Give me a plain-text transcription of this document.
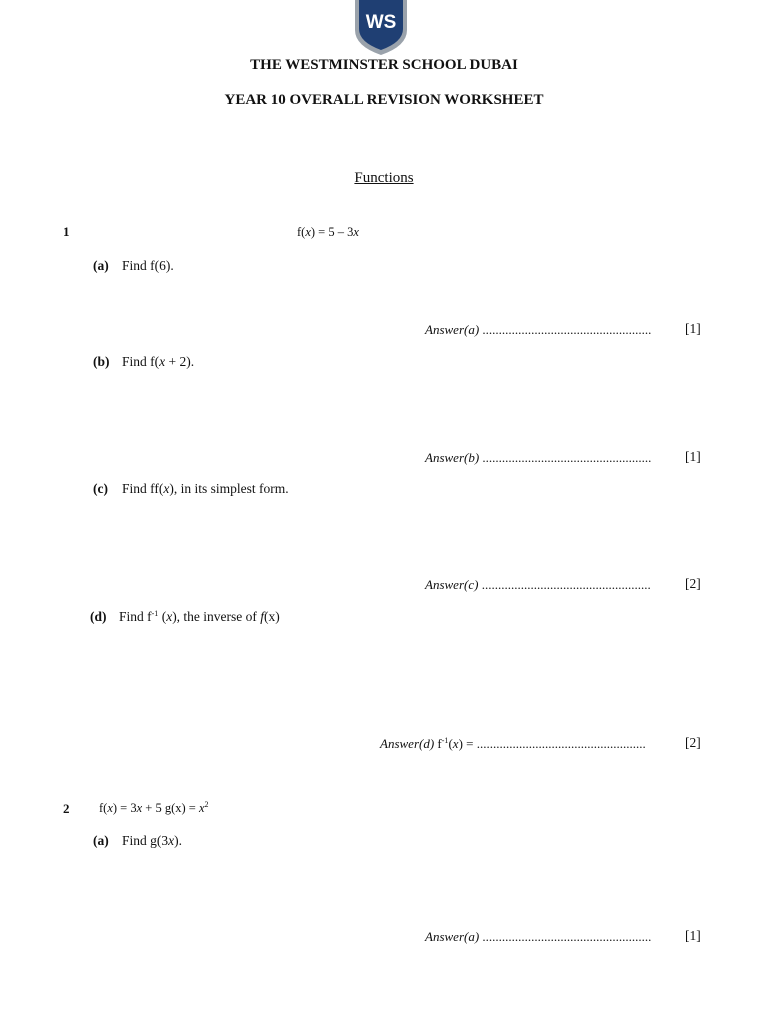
WS
THE WESTMINSTER SCHOOL DUBAI
YEAR 10 OVERALL REVISION WORKSHEET
Functions
1	f(x) = 5 – 3x
(a) Find f(6).
Answer(a) .................................................... [1]
(b) Find f(x + 2).
Answer(b) .................................................... [1]
(c) Find ff(x), in its simplest form.
Answer(c) ....................................................	[2]
(d) Find $f^{-1}$ (x), the inverse of f(x)
Answer(d) $f^{-1}(x)$ = ....................................................	[2]
2 f(x) = 3x + 5 $g(x) = x^2$
(a) Find g(3x).
Answer(a) .................................................... [1]
